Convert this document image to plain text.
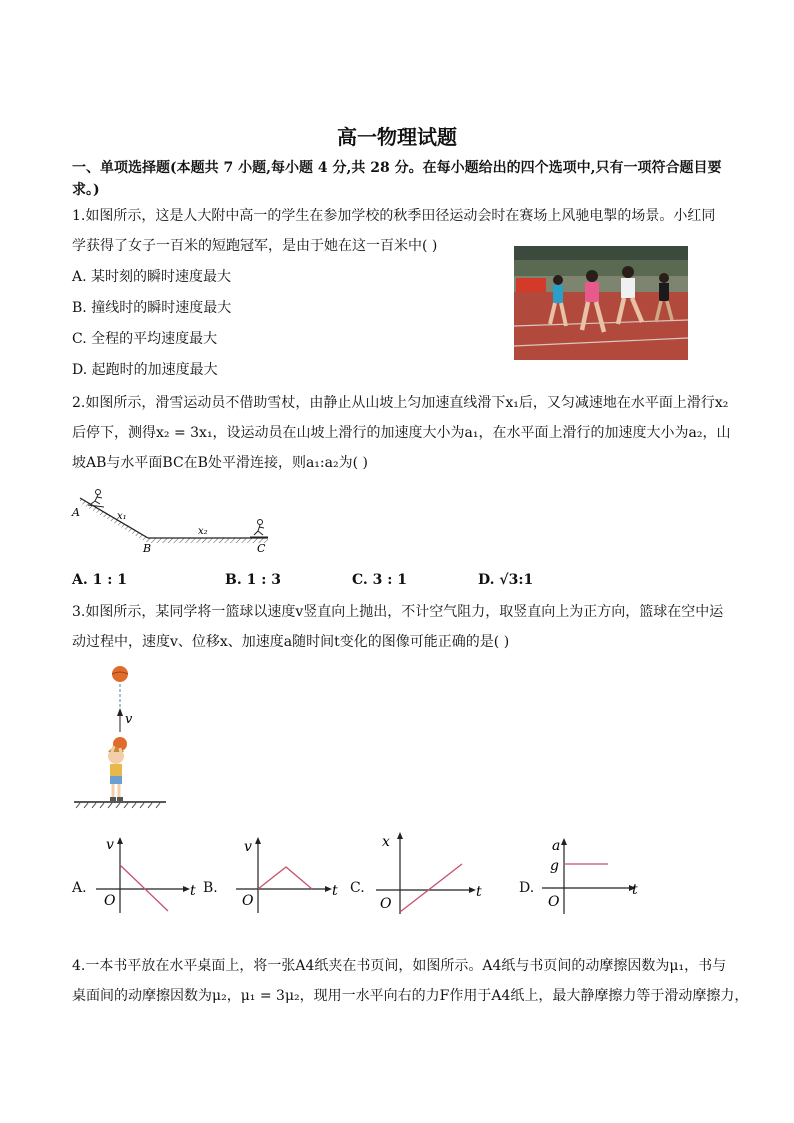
高一物理试题
一、单项选择题(本题共 7 小题,每小题 4 分,共 28 分。在每小题给出的四个选项中,只有一项符合题目要
求。)
1.如图所示，这是人大附中高一的学生在参加学校的秋季田径运动会时在赛场上风驰电掣的场景。小红同
学获得了女子一百米的短跑冠军，是由于她在这一百米中( )
A. 某时刻的瞬时速度最大
B. 撞线时的瞬时速度最大
C. 全程的平均速度最大
D. 起跑时的加速度最大
2.如图所示，滑雪运动员不借助雪杖，由静止从山坡上匀加速直线滑下x₁后，又匀减速地在水平面上滑行x₂
后停下，测得x₂ = 3x₁，设运动员在山坡上滑行的加速度大小为a₁，在水平面上滑行的加速度大小为a₂，山
坡AB与水平面BC在B处平滑连接，则a₁:a₂为( )
A	x₁
B
x₂
C
A. 1 : 1	B. 1 : 3	C. 3 : 1	D. √3:1
3.如图所示，某同学将一篮球以速度v竖直向上抛出，不计空气阻力，取竖直向上为正方向，篮球在空中运
动过程中，速度v、位移x、加速度a随时间t变化的图像可能正确的是( )
v
A.
v
t
O
B.
v
t
O
C.
x
t
O
D.
a
g
t
O
4.一本书平放在水平桌面上，将一张A4纸夹在书页间，如图所示。A4纸与书页间的动摩擦因数为μ₁，书与
桌面间的动摩擦因数为μ₂，μ₁ = 3μ₂，现用一水平向右的力F作用于A4纸上，最大静摩擦力等于滑动摩擦力，
